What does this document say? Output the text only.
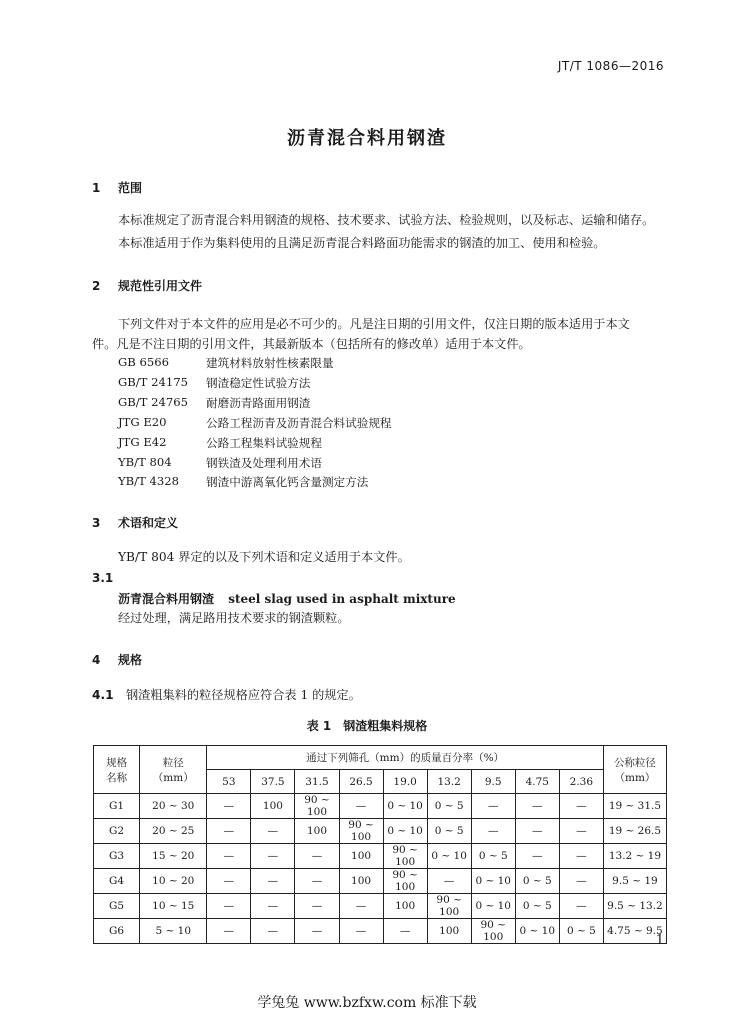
JT/T 1086—2016
沥青混合料用钢渣
1 范围
本标准规定了沥青混合料用钢渣的规格、技术要求、试验方法、检验规则，以及标志、运输和储存。
本标准适用于作为集料使用的且满足沥青混合料路面功能需求的钢渣的加工、使用和检验。
2 规范性引用文件
下列文件对于本文件的应用是必不可少的。凡是注日期的引用文件，仅注日期的版本适用于本文
件。凡是不注日期的引用文件，其最新版本（包括所有的修改单）适用于本文件。
GB 6566	建筑材料放射性核素限量
GB/T 24175 钢渣稳定性试验方法
GB/T 24765 耐磨沥青路面用钢渣
JTG E20	公路工程沥青及沥青混合料试验规程
JTG E42	公路工程集料试验规程
YB/T 804	钢铁渣及处理利用术语
YB/T 4328 钢渣中游离氧化钙含量测定方法
3 术语和定义
YB/T 804 界定的以及下列术语和定义适用于本文件。
3.1
沥青混合料用钢渣 steel slag used in asphalt mixture
经过处理，满足路用技术要求的钢渣颗粒。
4 规格
4.1 钢渣粗集料的粒径规格应符合表 1 的规定。
表 1 钢渣粗集料规格
规格
名称	粒径
（mm）	通过下列筛孔（mm）的质量百分率（%）									公称粒径
（mm）
		53	37.5	31.5	26.5	19.0	13.2	9.5	4.75	2.36	
G1	20 ~ 30	—	100	90 ~ 100	—	0 ~ 10	0 ~ 5	—	—	—	19 ~ 31.5
G2	20 ~ 25	—	—	100	90 ~ 100	0 ~ 10	0 ~ 5	—	—	—	19 ~ 26.5
G3	15 ~ 20	—	—	—	100	90 ~ 100	0 ~ 10	0 ~ 5	—	—	13.2 ~ 19
G4	10 ~ 20	—	—	—	100	90 ~ 100	—	0 ~ 10	0 ~ 5	—	9.5 ~ 19
G5	10 ~ 15	—	—	—	—	100	90 ~ 100	0 ~ 10	0 ~ 5	—	9.5 ~ 13.2
G6	5 ~ 10	—	—	—	—	—	100	90 ~ 100	0 ~ 10	0 ~ 5	4.75 ~ 9.5
1
学兔兔 www.bzfxw.com 标准下载
